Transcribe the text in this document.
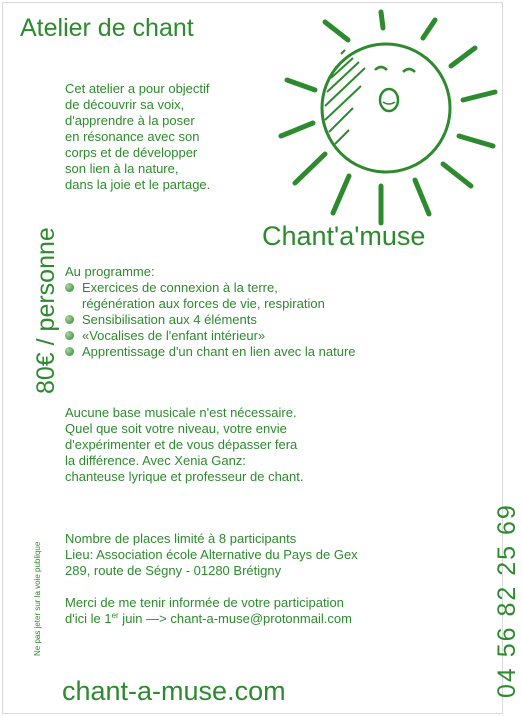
Atelier de chant
Cet atelier a pour objectif
de découvrir sa voix,
d'apprendre à la poser
en résonance avec son
corps et de développer
son lien à la nature,
dans la joie et le partage.
Chant'a'muse
Au programme:
Exercices de connexion à la terre,
régénération aux forces de vie, respiration
Sensibilisation aux 4 éléments
«Vocalises de l'enfant intérieur»
Apprentissage d'un chant en lien avec la nature
Aucune base musicale n'est nécessaire.
Quel que soit votre niveau, votre envie
d'expérimenter et de vous dépasser fera
la différence. Avec Xenia Ganz:
chanteuse lyrique et professeur de chant.
Nombre de places limité à 8 participants
Lieu: Association école Alternative du Pays de Gex
289, route de Ségny - 01280 Brétigny
Merci de me tenir informée de votre participation
d'ici le 1er juin —> chant-a-muse@protonmail.com
chant-a-muse.com
80€ / personne
04 56 82 25 69
Ne pas jeter sur la voie publique
